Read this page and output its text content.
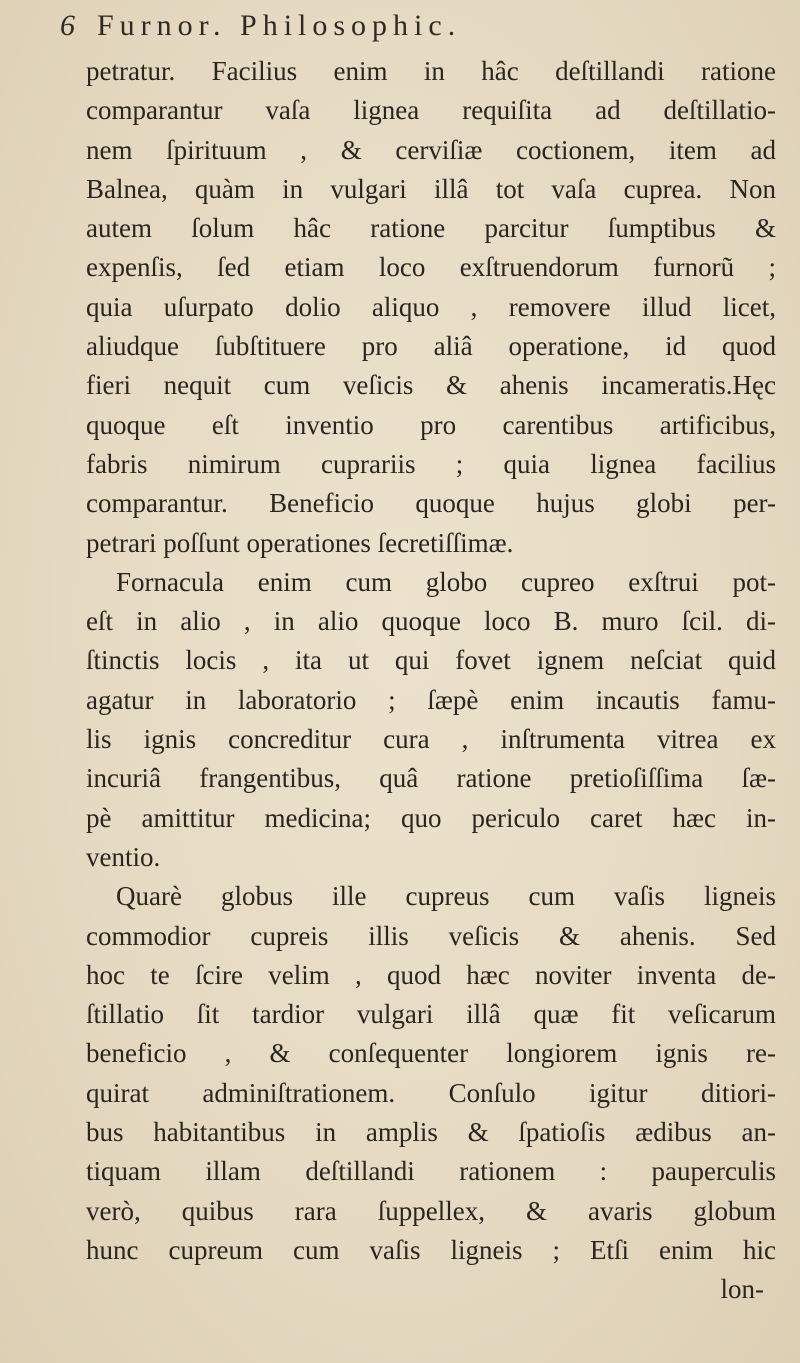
6 Furnor. Philosophic.
petratur. Facilius enim in hâc deſtillandi ratione
comparantur vaſa lignea requiſita ad deſtillatio-
nem ſpirituum , & cerviſiæ coctionem, item ad
Balnea, quàm in vulgari illâ tot vaſa cuprea. Non
autem ſolum hâc ratione parcitur ſumptibus &
expenſis, ſed etiam loco exſtruendorum furnorũ ;
quia uſurpato dolio aliquo , removere illud licet,
aliudque ſubſtituere pro aliâ operatione, id quod
fieri nequit cum veſicis & ahenis incameratis.Hęc
quoque eſt inventio pro carentibus artificibus,
fabris nimirum cuprariis ; quia lignea facilius
comparantur. Beneficio quoque hujus globi per-
petrari poſſunt operationes ſecretiſſimæ.
Fornacula enim cum globo cupreo exſtrui pot-
eſt in alio , in alio quoque loco B. muro ſcil. di-
ſtinctis locis , ita ut qui fovet ignem neſciat quid
agatur in laboratorio ; ſæpè enim incautis famu-
lis ignis concreditur cura , inſtrumenta vitrea ex
incuriâ frangentibus, quâ ratione pretioſiſſima ſæ-
pè amittitur medicina; quo periculo caret hæc in-
ventio.
Quarè globus ille cupreus cum vaſis ligneis
commodior cupreis illis veſicis & ahenis. Sed
hoc te ſcire velim , quod hæc noviter inventa de-
ſtillatio ſit tardior vulgari illâ quæ fit veſicarum
beneficio , & conſequenter longiorem ignis re-
quirat adminiſtrationem. Conſulo igitur ditiori-
bus habitantibus in amplis & ſpatioſis ædibus an-
tiquam illam deſtillandi rationem : pauperculis
verò, quibus rara ſuppellex, & avaris globum
hunc cupreum cum vaſis ligneis ; Etſi enim hic
lon-
